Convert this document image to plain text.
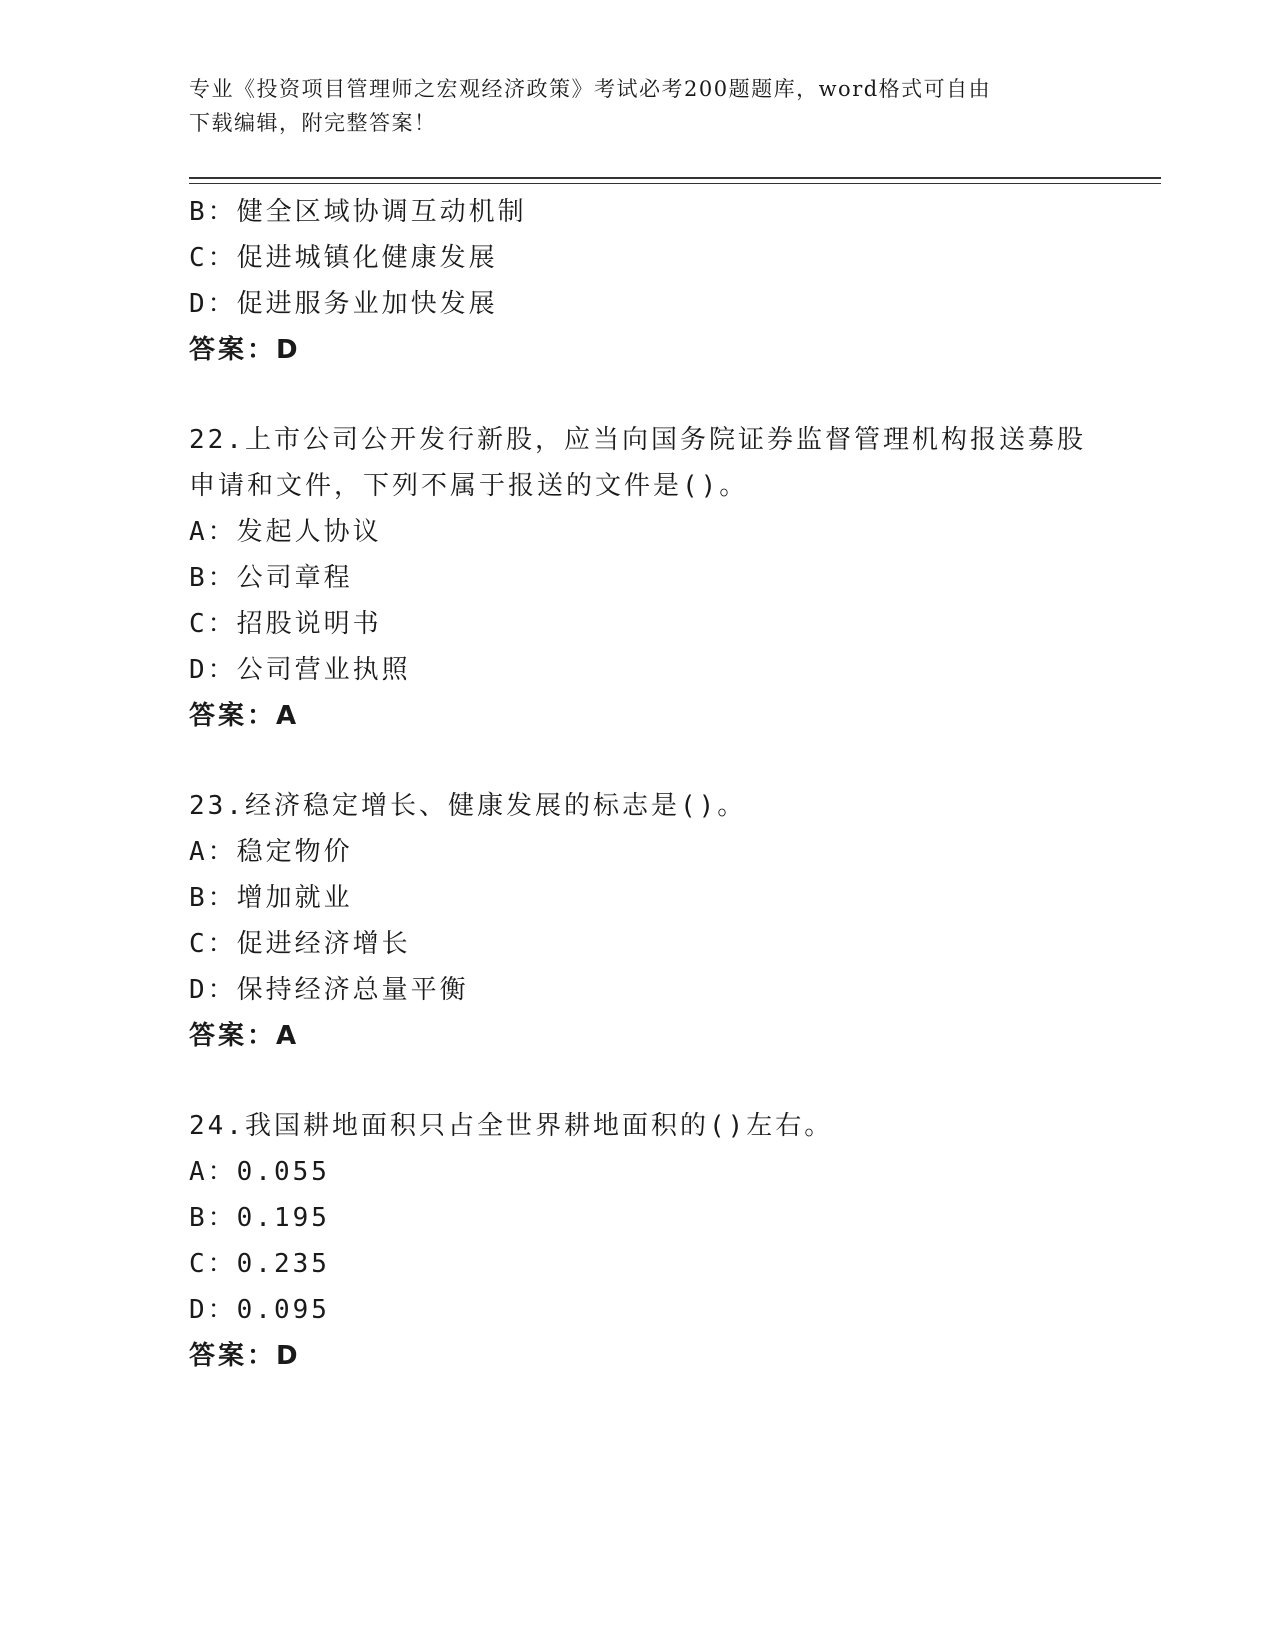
专业《投资项目管理师之宏观经济政策》考试必考200题题库，word格式可自由
下载编辑，附完整答案！
B：健全区域协调互动机制
C：促进城镇化健康发展
D：促进服务业加快发展
答案：D
22.上市公司公开发行新股，应当向国务院证券监督管理机构报送募股
申请和文件，下列不属于报送的文件是()。
A：发起人协议
B：公司章程
C：招股说明书
D：公司营业执照
答案：A
23.经济稳定增长、健康发展的标志是()。
A：稳定物价
B：增加就业
C：促进经济增长
D：保持经济总量平衡
答案：A
24.我国耕地面积只占全世界耕地面积的()左右。
A：0.055
B：0.195
C：0.235
D：0.095
答案：D
